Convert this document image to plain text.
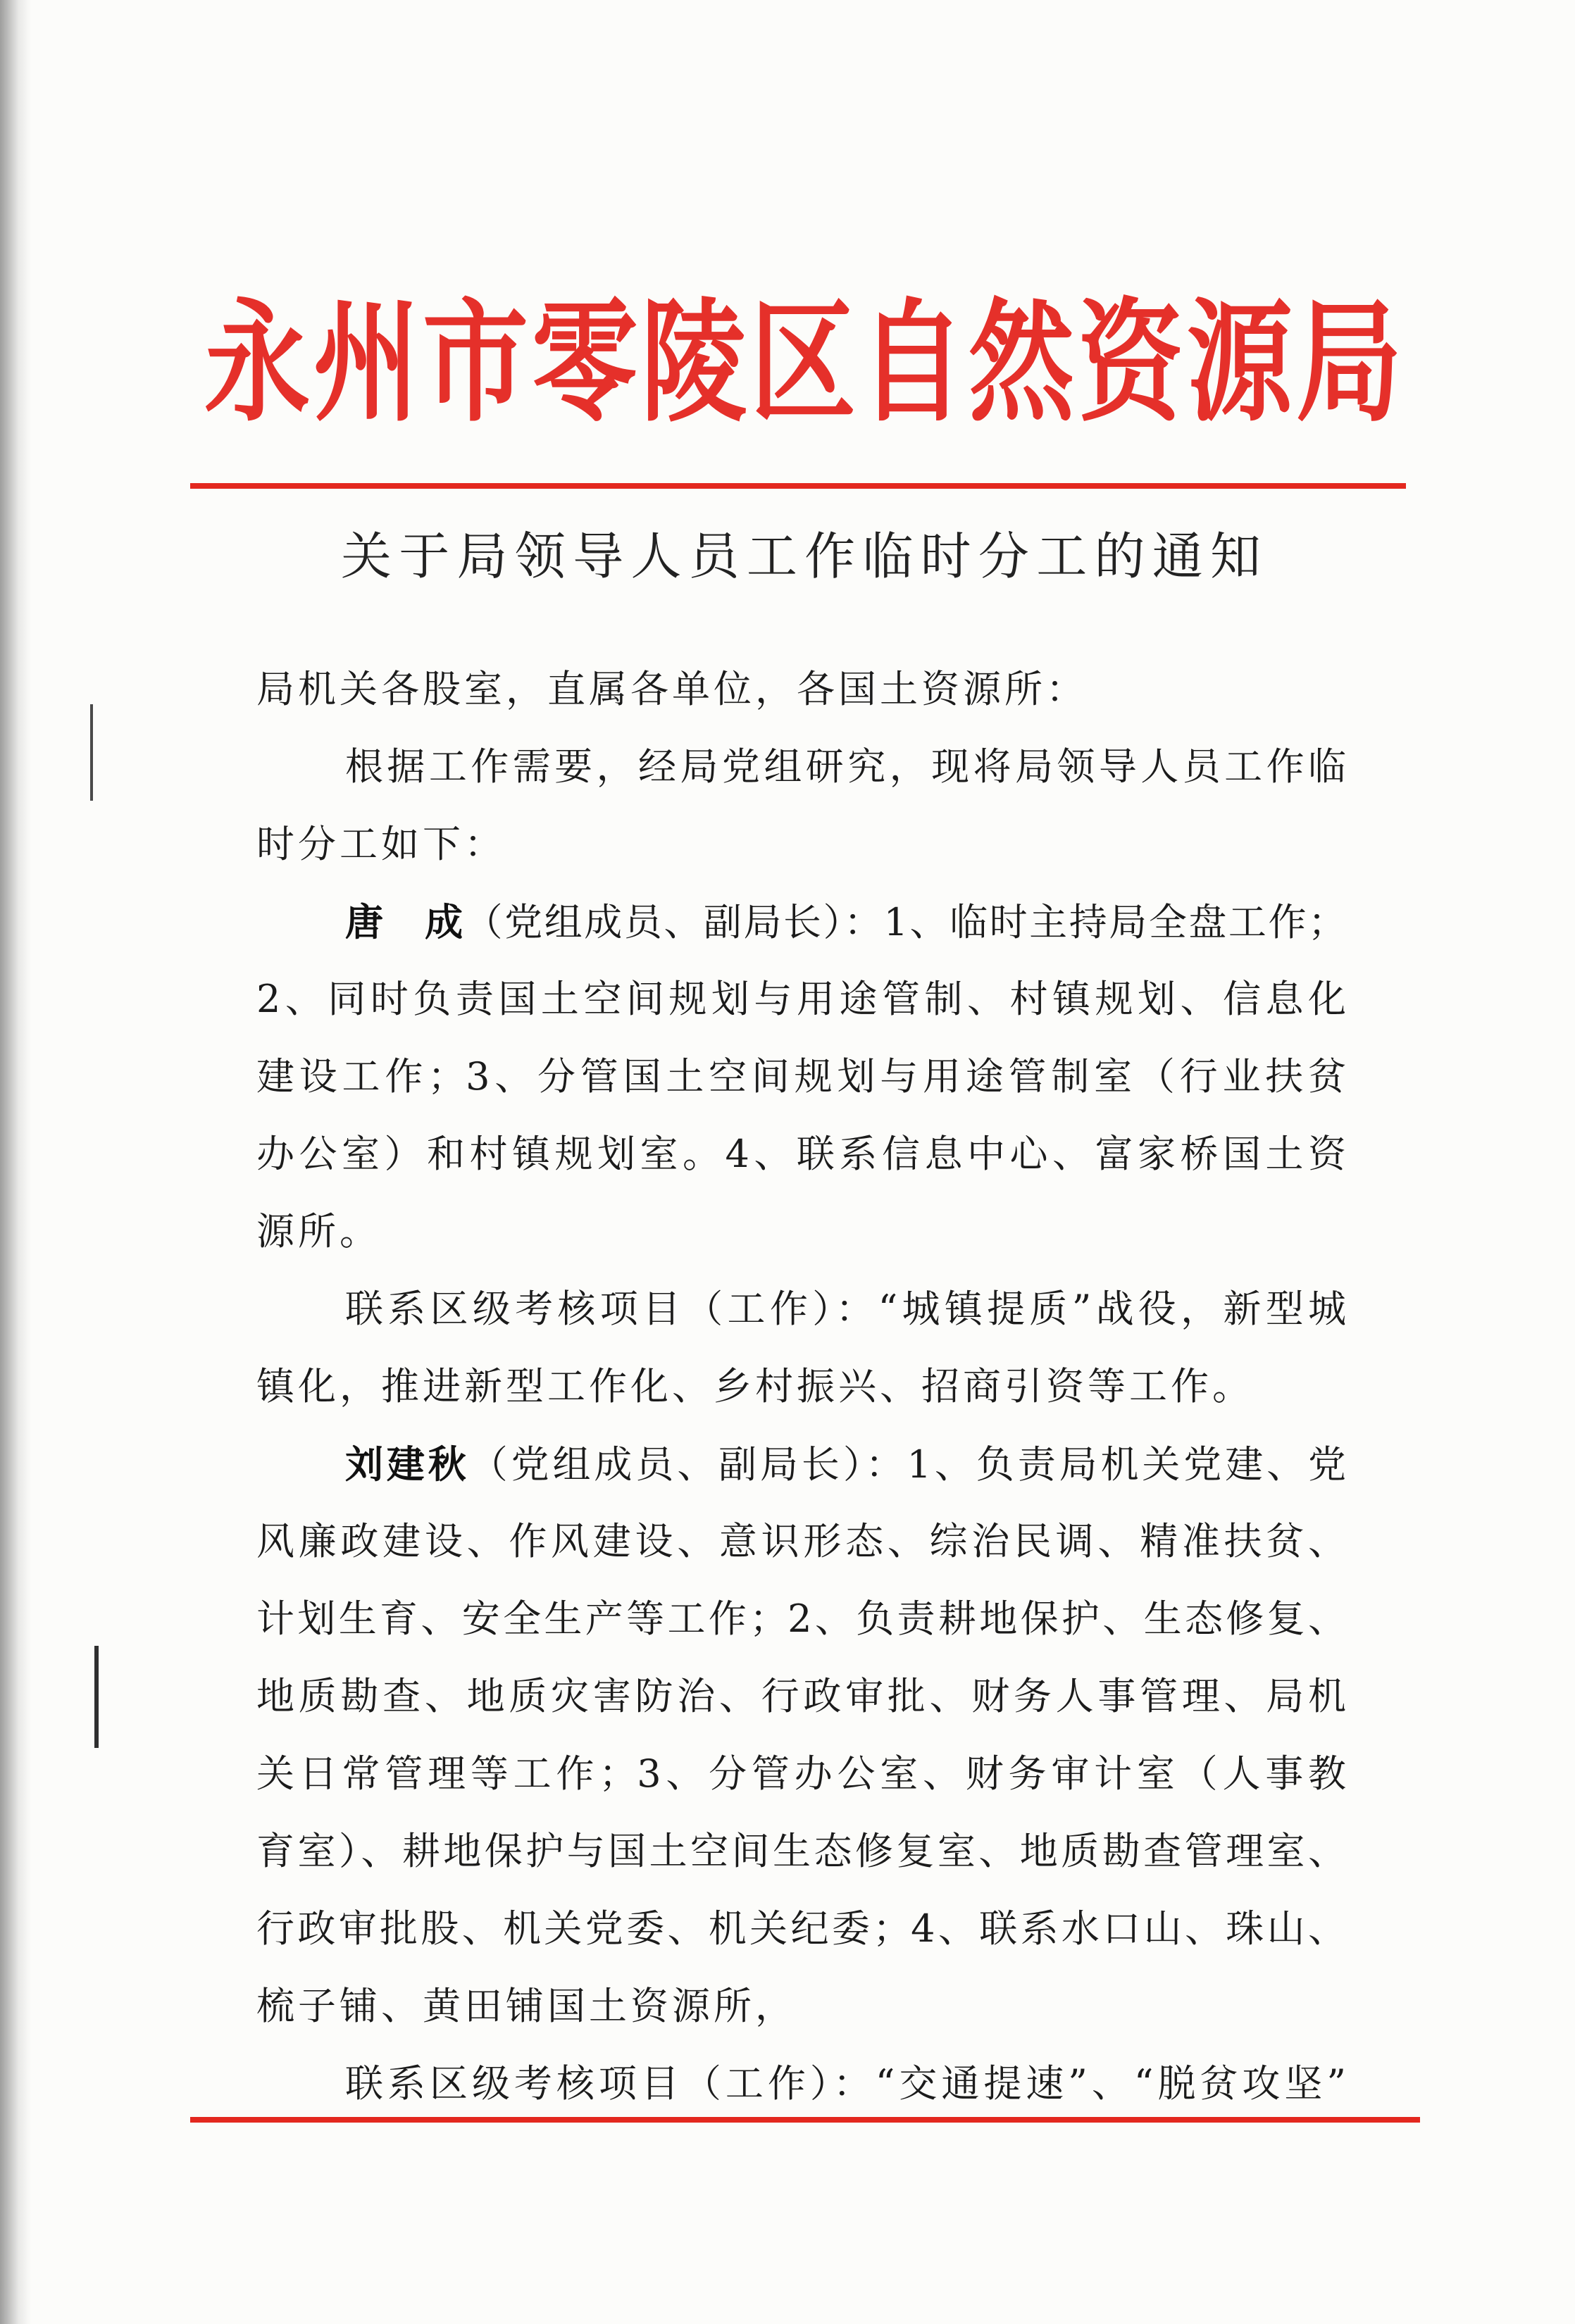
永州市零陵区自然资源局
关于局领导人员工作临时分工的通知
局机关各股室，直属各单位，各国土资源所：
根据工作需要，经局党组研究，现将局领导人员工作临
时分工如下：
唐　成（党组成员、副局长）：1、临时主持局全盘工作；
2、同时负责国土空间规划与用途管制、村镇规划、信息化
建设工作；3、分管国土空间规划与用途管制室（行业扶贫
办公室）和村镇规划室。4、联系信息中心、富家桥国土资
源所。
联系区级考核项目（工作）：“城镇提质”战役，新型城
镇化，推进新型工作化、乡村振兴、招商引资等工作。
刘建秋（党组成员、副局长）：1、负责局机关党建、党
风廉政建设、作风建设、意识形态、综治民调、精准扶贫、
计划生育、安全生产等工作；2、负责耕地保护、生态修复、
地质勘查、地质灾害防治、行政审批、财务人事管理、局机
关日常管理等工作；3、分管办公室、财务审计室（人事教
育室）、耕地保护与国土空间生态修复室、地质勘查管理室、
行政审批股、机关党委、机关纪委；4、联系水口山、珠山、
梳子铺、黄田铺国土资源所，
联系区级考核项目（工作）：“交通提速”、“脱贫攻坚”
